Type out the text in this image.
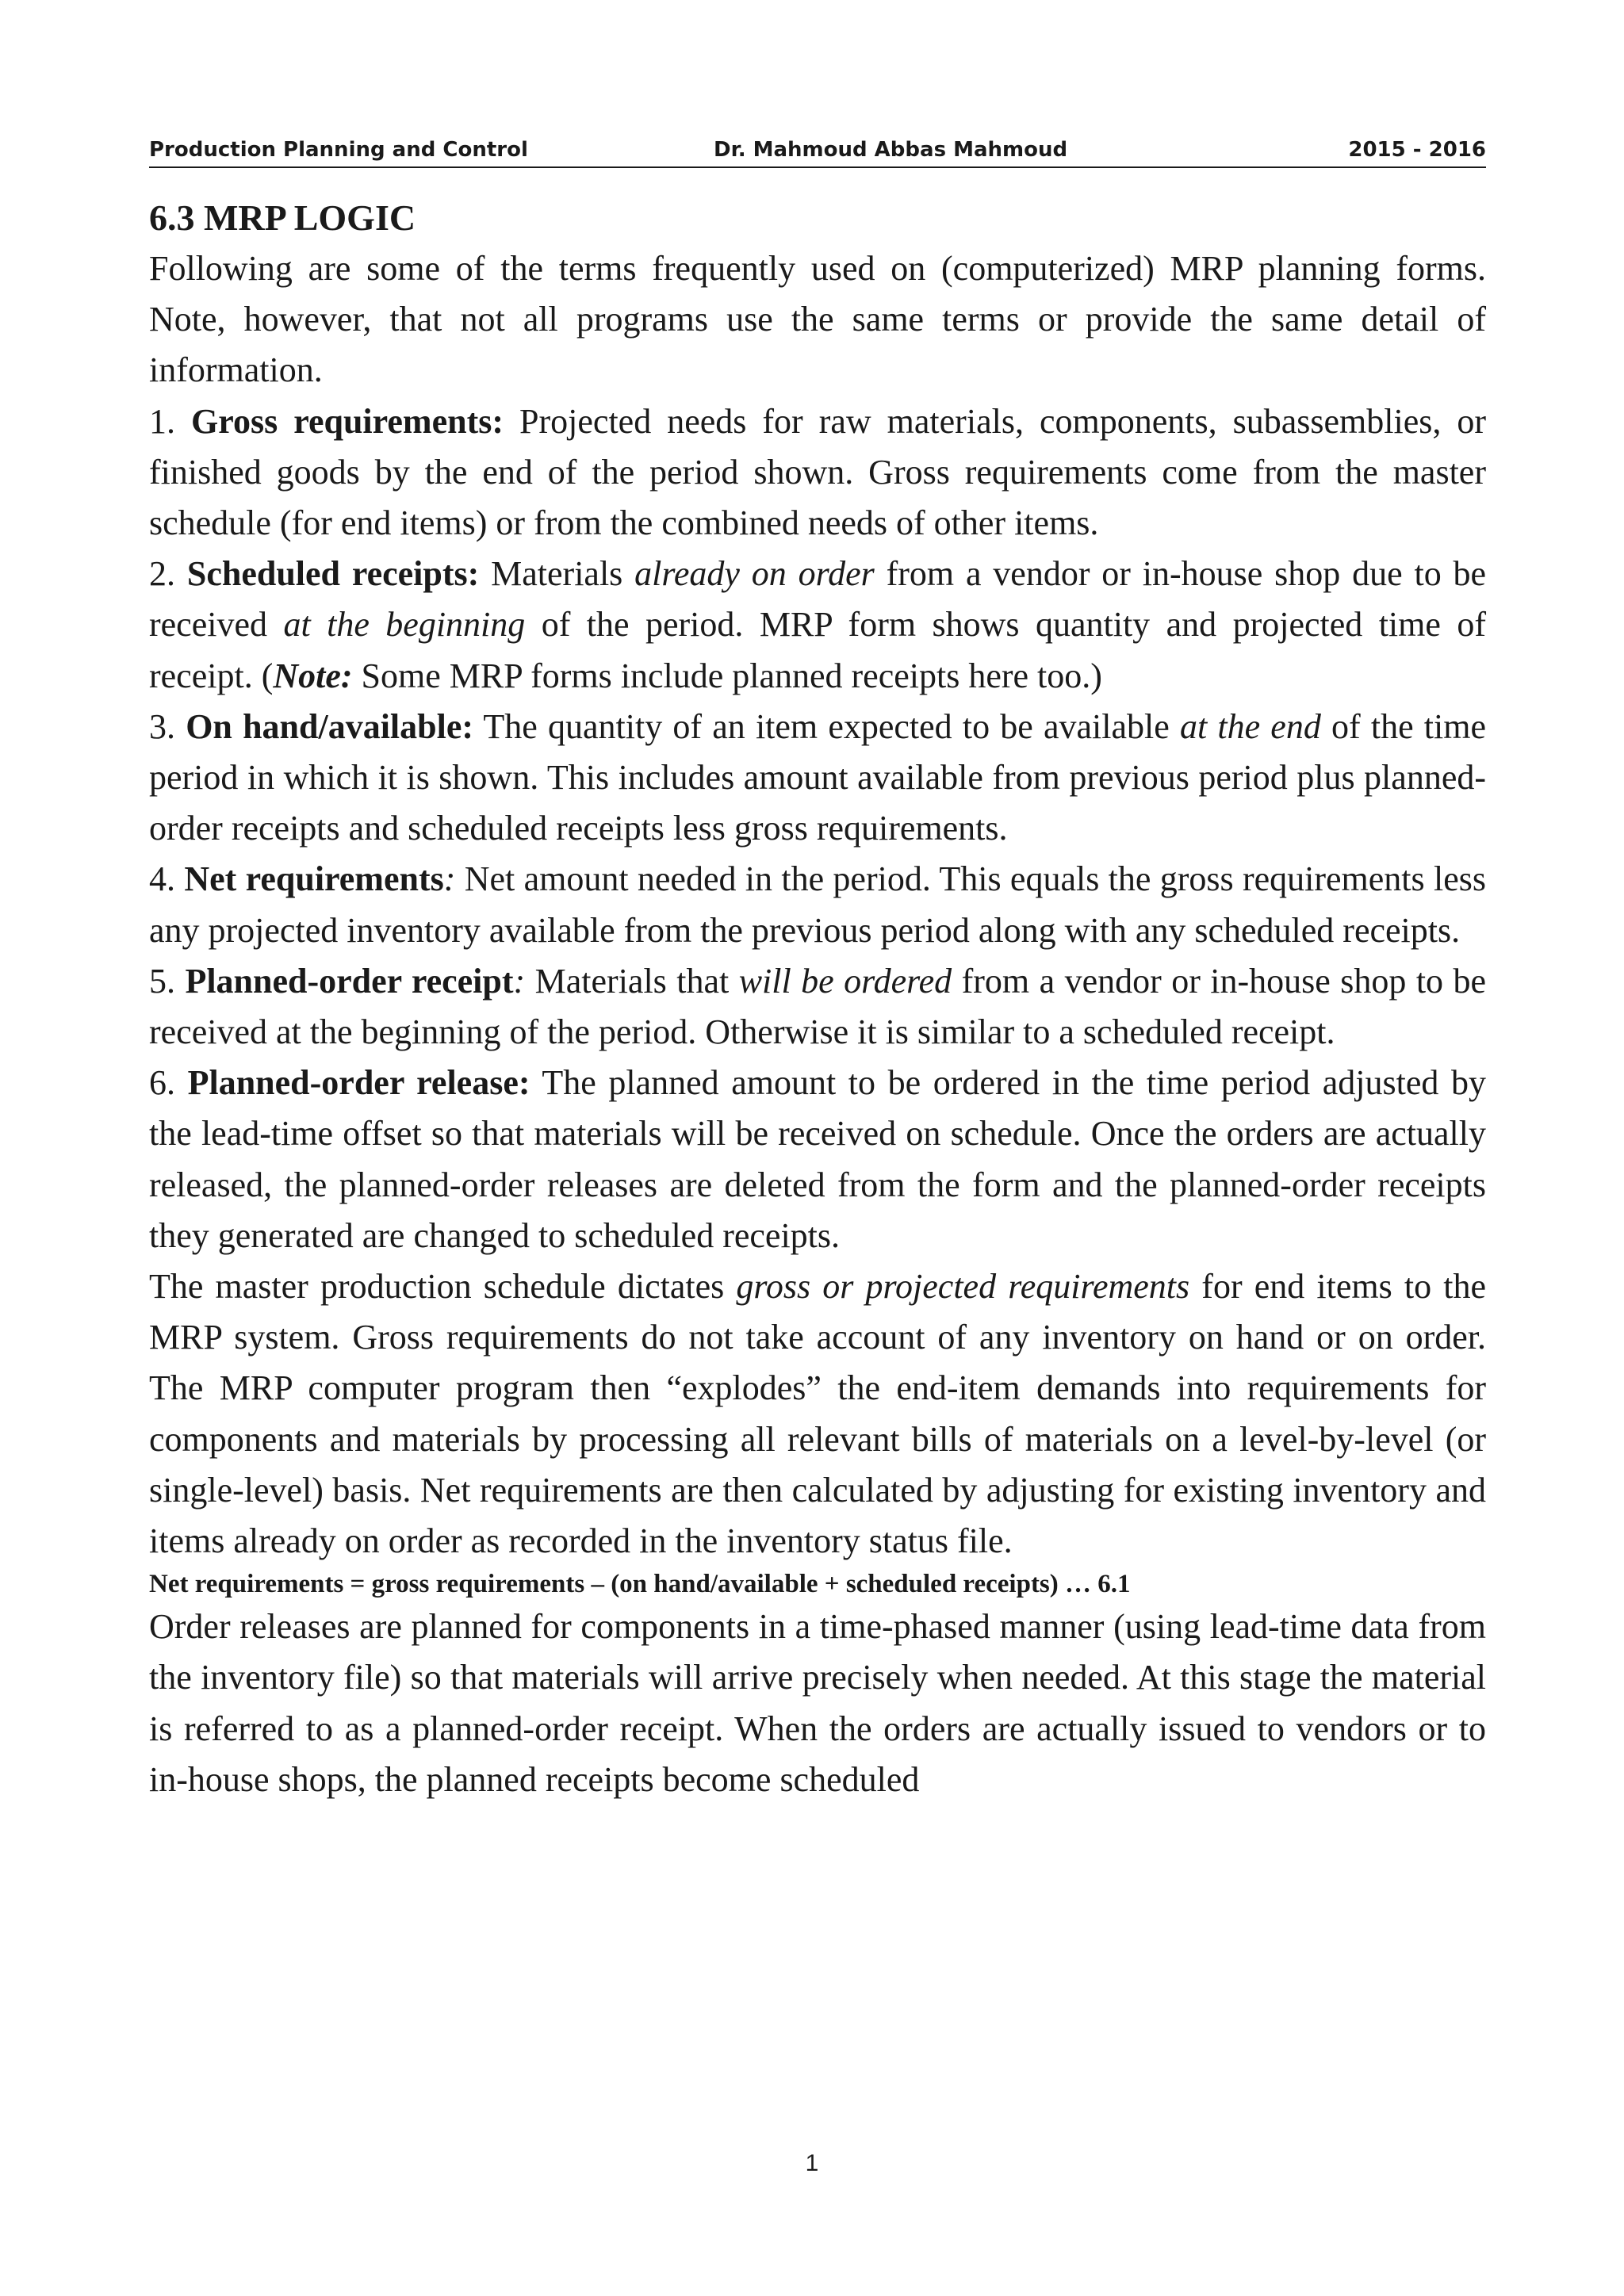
Production Planning and Control	Dr. Mahmoud Abbas Mahmoud	2015 - 2016

6.3 MRP LOGIC

Following are some of the terms frequently used on (computerized) MRP planning forms. Note, however, that not all programs use the same terms or provide the same detail of information.

1. Gross requirements: Projected needs for raw materials, components, subassemblies, or finished goods by the end of the period shown. Gross requirements come from the master schedule (for end items) or from the combined needs of other items.

2. Scheduled receipts: Materials already on order from a vendor or in-house shop due to be received at the beginning of the period. MRP form shows quantity and projected time of receipt. (Note: Some MRP forms include planned receipts here too.)

3. On hand/available: The quantity of an item expected to be available at the end of the time period in which it is shown. This includes amount available from previous period plus planned-order receipts and scheduled receipts less gross requirements.

4. Net requirements: Net amount needed in the period. This equals the gross requirements less any projected inventory available from the previous period along with any scheduled receipts.

5. Planned-order receipt: Materials that will be ordered from a vendor or in-house shop to be received at the beginning of the period. Otherwise it is similar to a scheduled receipt.

6. Planned-order release: The planned amount to be ordered in the time period adjusted by the lead-time offset so that materials will be received on schedule. Once the orders are actually released, the planned-order releases are deleted from the form and the planned-order receipts they generated are changed to scheduled receipts.

The master production schedule dictates gross or projected requirements for end items to the MRP system. Gross requirements do not take account of any inventory on hand or on order. The MRP computer program then “explodes” the end-item demands into requirements for components and materials by processing all relevant bills of materials on a level-by-level (or single-level) basis. Net requirements are then calculated by adjusting for existing inventory and items already on order as recorded in the inventory status file.

Net requirements = gross requirements – (on hand/available + scheduled receipts) … 6.1

Order releases are planned for components in a time-phased manner (using lead-time data from the inventory file) so that materials will arrive precisely when needed. At this stage the material is referred to as a planned-order receipt. When the orders are actually issued to vendors or to in-house shops, the planned receipts become scheduled

1
